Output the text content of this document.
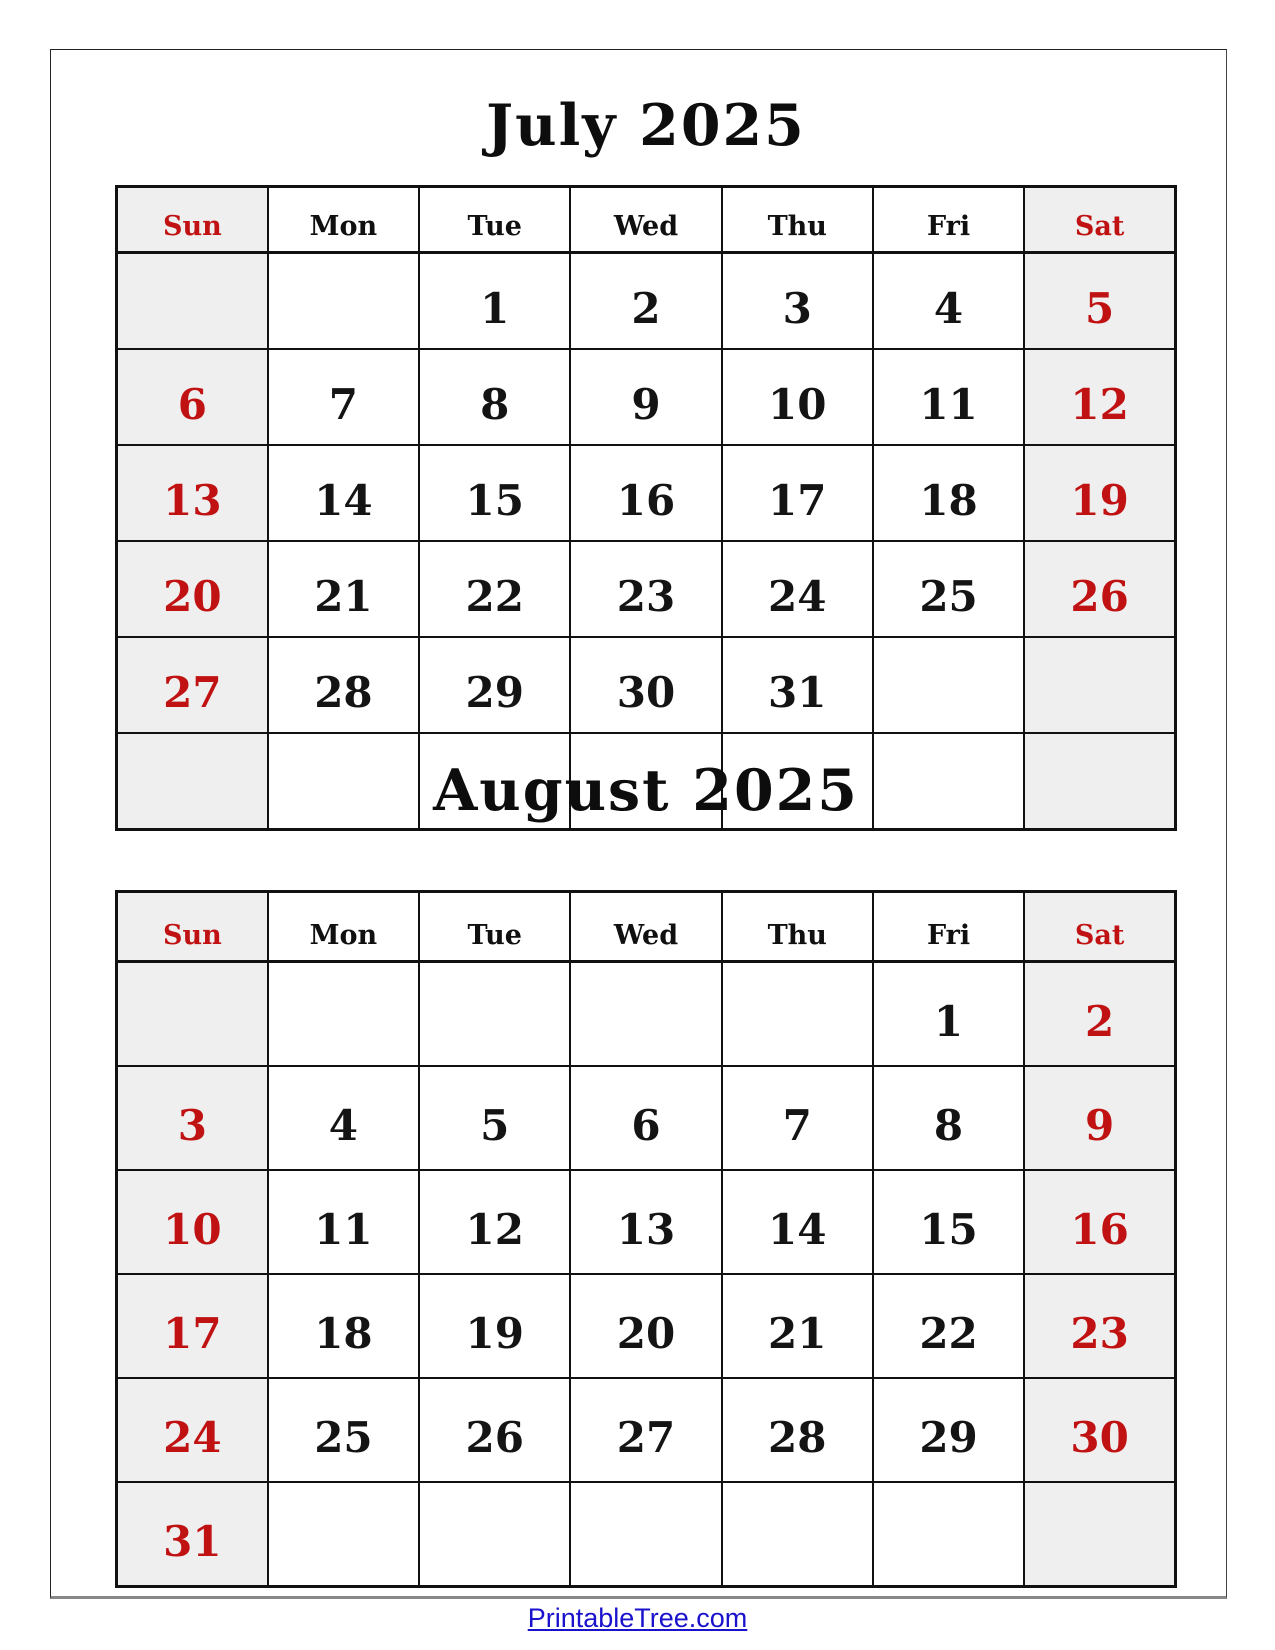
July 2025
Sun	Mon	Tue	Wed	Thu	Fri	Sat
		1	2	3	4	5
6	7	8	9	10	11	12
13	14	15	16	17	18	19
20	21	22	23	24	25	26
27	28	29	30	31		

August 2025
Sun	Mon	Tue	Wed	Thu	Fri	Sat
					1	2
3	4	5	6	7	8	9
10	11	12	13	14	15	16
17	18	19	20	21	22	23
24	25	26	27	28	29	30
31						
PrintableTree.com
